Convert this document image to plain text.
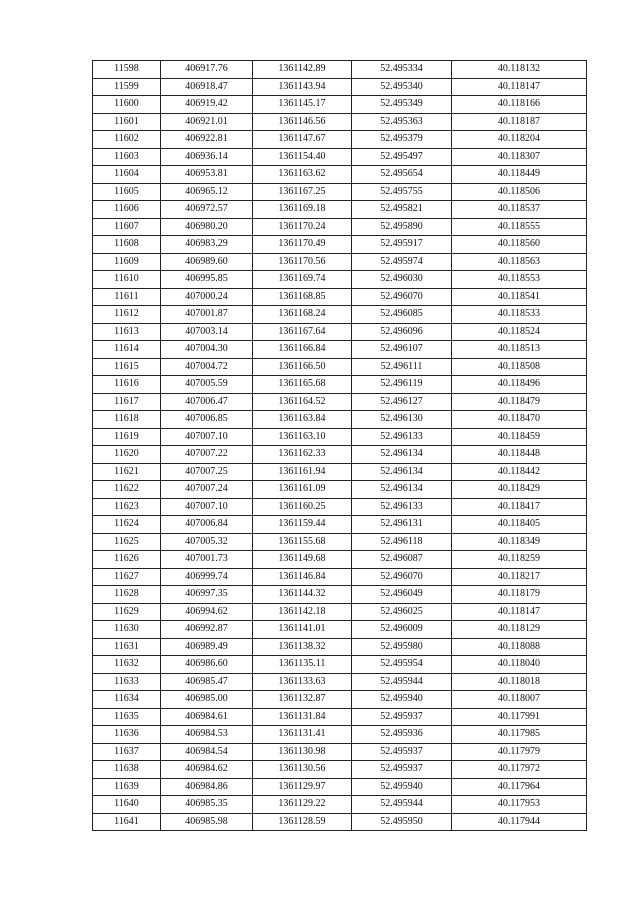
11598	406917.76	1361142.89	52.495334	40.118132
11599	406918.47	1361143.94	52.495340	40.118147
11600	406919.42	1361145.17	52.495349	40.118166
11601	406921.01	1361146.56	52.495363	40.118187
11602	406922.81	1361147.67	52.495379	40.118204
11603	406936.14	1361154.40	52.495497	40.118307
11604	406953.81	1361163.62	52.495654	40.118449
11605	406965.12	1361167.25	52.495755	40.118506
11606	406972.57	1361169.18	52.495821	40.118537
11607	406980.20	1361170.24	52.495890	40.118555
11608	406983.29	1361170.49	52.495917	40.118560
11609	406989.60	1361170.56	52.495974	40.118563
11610	406995.85	1361169.74	52.496030	40.118553
11611	407000.24	1361168.85	52.496070	40.118541
11612	407001.87	1361168.24	52.496085	40.118533
11613	407003.14	1361167.64	52.496096	40.118524
11614	407004.30	1361166.84	52.496107	40.118513
11615	407004.72	1361166.50	52.496111	40.118508
11616	407005.59	1361165.68	52.496119	40.118496
11617	407006.47	1361164.52	52.496127	40.118479
11618	407006.85	1361163.84	52.496130	40.118470
11619	407007.10	1361163.10	52.496133	40.118459
11620	407007.22	1361162.33	52.496134	40.118448
11621	407007.25	1361161.94	52.496134	40.118442
11622	407007.24	1361161.09	52.496134	40.118429
11623	407007.10	1361160.25	52.496133	40.118417
11624	407006.84	1361159.44	52.496131	40.118405
11625	407005.32	1361155.68	52.496118	40.118349
11626	407001.73	1361149.68	52.496087	40.118259
11627	406999.74	1361146.84	52.496070	40.118217
11628	406997.35	1361144.32	52.496049	40.118179
11629	406994.62	1361142.18	52.496025	40.118147
11630	406992.87	1361141.01	52.496009	40.118129
11631	406989.49	1361138.32	52.495980	40.118088
11632	406986.60	1361135.11	52.495954	40.118040
11633	406985.47	1361133.63	52.495944	40.118018
11634	406985.00	1361132.87	52.495940	40.118007
11635	406984.61	1361131.84	52.495937	40.117991
11636	406984.53	1361131.41	52.495936	40.117985
11637	406984.54	1361130.98	52.495937	40.117979
11638	406984.62	1361130.56	52.495937	40.117972
11639	406984.86	1361129.97	52.495940	40.117964
11640	406985.35	1361129.22	52.495944	40.117953
11641	406985.98	1361128.59	52.495950	40.117944
